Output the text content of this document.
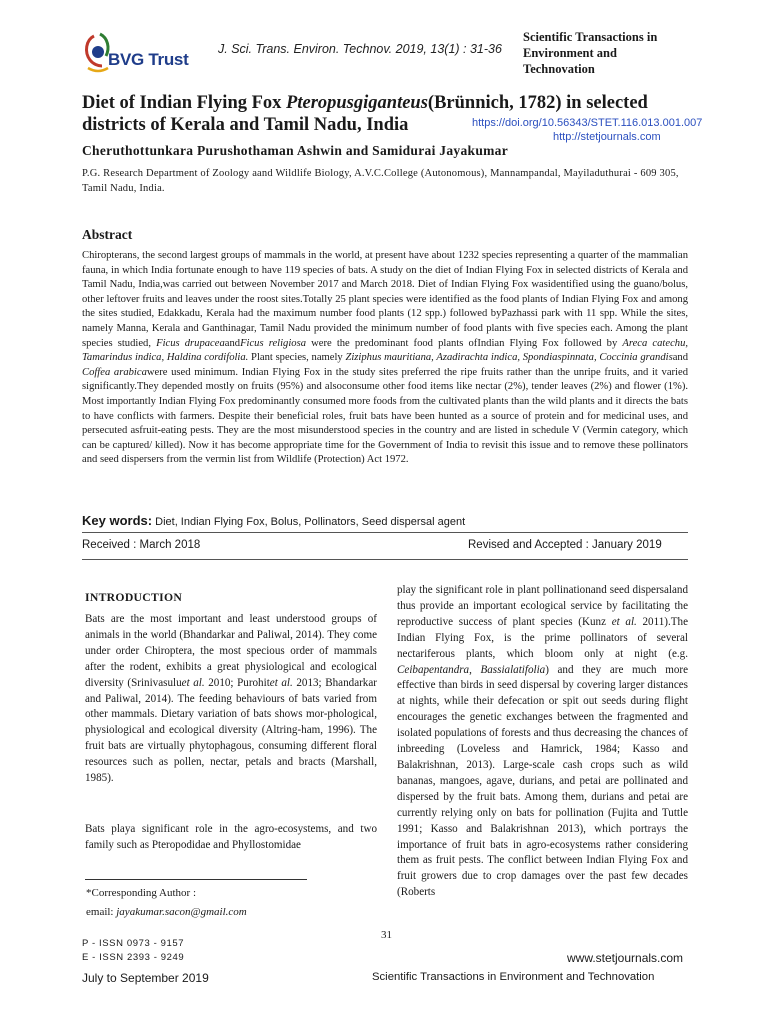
BVG Trust
J. Sci. Trans. Environ. Technov. 2019, 13(1) : 31-36
Scientific Transactions in
Environment and
Technovation
Diet of Indian Flying Fox Pteropusgiganteus(Brünnich, 1782) in selected
districts of Kerala and Tamil Nadu, India	https://doi.org/10.56343/STET.116.013.001.007
http://stetjournals.com
Cheruthottunkara Purushothaman Ashwin and Samidurai Jayakumar
P.G. Research Department of Zoology aand Wildlife Biology, A.V.C.College (Autonomous), Mannampandal, Mayiladuthurai - 609 305, Tamil Nadu, India.
Abstract
Chiropterans, the second largest groups of mammals in the world, at present have about 1232 species representing a quarter of the mammalian fauna, in which India fortunate enough to have 119 species of bats. A study on the diet of Indian Flying Fox in selected districts of Kerala and Tamil Nadu, India,was carried out between November 2017 and March 2018. Diet of Indian Flying Fox wasidentified using the guano/bolus, other leftover fruits and leaves under the roost sites.Totally 25 plant species were identified as the food plants of Indian Flying Fox and among the sites studied, Edakkadu, Kerala had the maximum number food plants (12 spp.) followed byPazhassi park with 11 spp. While the sites, namely Manna, Kerala and Ganthinagar, Tamil Nadu provided the minimum number of food plants with five species each. Among the plant species studied, Ficus drupaceaandFicus religiosa were the predominant food plants ofIndian Flying Fox followed by Areca catechu, Tamarindus indica, Haldina cordifolia. Plant species, namely Ziziphus mauritiana, Azadirachta indica, Spondiaspinnata, Coccinia grandisand Coffea arabicawere used minimum. Indian Flying Fox in the study sites preferred the ripe fruits rather than the unripe fruits, and it varied significantly.They depended mostly on fruits (95%) and alsoconsume other food items like nectar (2%), tender leaves (2%) and flower (1%). Most importantly Indian Flying Fox predominantly consumed more foods from the cultivated plants than the wild plants and it directs the bats to have conflicts with farmers. Despite their beneficial roles, fruit bats have been hunted as a source of protein and for medicinal uses, and persecuted asfruit-eating pests. They are the most misunderstood species in the country and are listed in schedule V (Vermin category, which can be captured/ killed). Now it has become appropriate time for the Government of India to revisit this issue and to remove these pollinators and seed dispersers from the vermin list from Wildlife (Protection) Act 1972.
Key words: Diet, Indian Flying Fox, Bolus, Pollinators, Seed dispersal agent
Received : March 2018	Revised and Accepted : January 2019
INTRODUCTION
Bats are the most important and least understood groups of animals in the world (Bhandarkar and Paliwal, 2014). They come under order Chiroptera, the most specious order of mammals after the rodent, exhibits a great physiological and ecological diversity (Srinivasuluet al. 2010; Purohitet al. 2013; Bhandarkar and Paliwal, 2014). The feeding behaviours of bats varied from other mammals. Dietary variation of bats shows mor-phological, physiological and ecological diversity (Altring-ham, 1996). The fruit bats are virtually phytophagous, consuming different floral resources such as pollen, nectar, petals and bracts (Marshall, 1985).
Bats playa significant role in the agro-ecosystems, and two family such as Pteropodidae and Phyllostomidae
*Corresponding Author :
email: jayakumar.sacon@gmail.com
play the significant role in plant pollinationand seed dispersaland thus provide an important ecological service by facilitating the reproductive success of plant species (Kunz et al. 2011).The Indian Flying Fox, is the prime pollinators of several nectariferous plants, which bloom only at night (e.g. Ceibapentandra, Bassialatifolia) and they are much more effective than birds in seed dispersal by covering larger distances at nights, while their defecation or spit out seeds during flight encourages the genetic exchanges between the fragmented and isolated populations of forests and thus decreasing the chances of inbreeding (Loveless and Hamrick, 1984; Kasso and Balakrishnan, 2013). Large-scale cash crops such as wild bananas, mangoes, agave, durians, and petai are pollinated and dispersed by the fruit bats. Among them, durians and petai are currently relying only on bats for pollination (Fujita and Tuttle 1991; Kasso and Balakrishnan 2013), which portrays the importance of fruit bats in agro-ecosystems rather considering them as fruit pests. The conflict between Indian Flying Fox and fruit growers due to crop damages over the past few decades (Roberts
31
P - ISSN 0973 - 9157
E - ISSN 2393 - 9249
July to September 2019
www.stetjournals.com
Scientific Transactions in Environment and Technovation
